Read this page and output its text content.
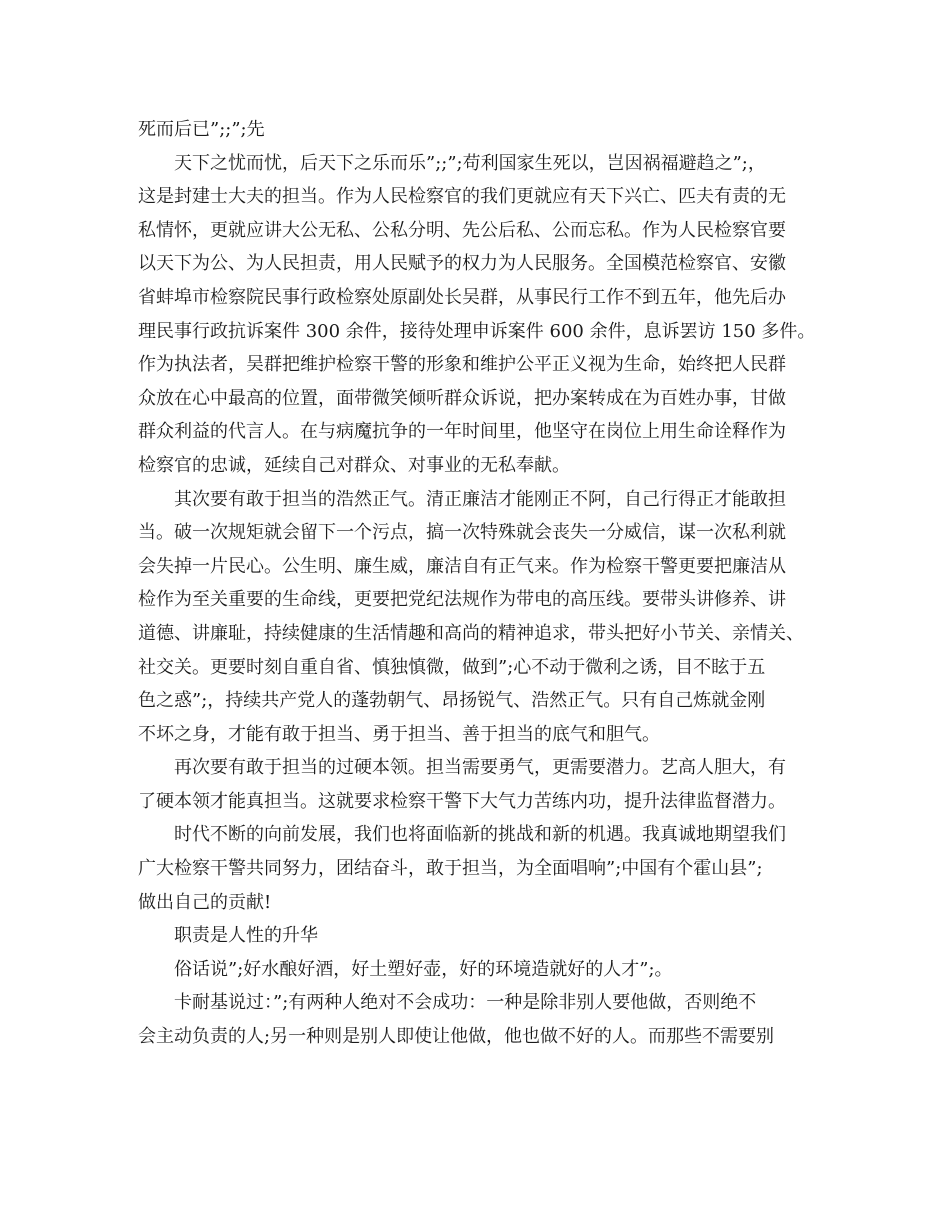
死而后已”;;”;先
天下之忧而忧，后天下之乐而乐”;;”;苟利国家生死以，岂因祸福避趋之”;，
这是封建士大夫的担当。作为人民检察官的我们更就应有天下兴亡、匹夫有责的无
私情怀，更就应讲大公无私、公私分明、先公后私、公而忘私。作为人民检察官要
以天下为公、为人民担责，用人民赋予的权力为人民服务。全国模范检察官、安徽
省蚌埠市检察院民事行政检察处原副处长吴群，从事民行工作不到五年，他先后办
理民事行政抗诉案件 300 余件，接待处理申诉案件 600 余件，息诉罢访 150 多件。
作为执法者，吴群把维护检察干警的形象和维护公平正义视为生命，始终把人民群
众放在心中最高的位置，面带微笑倾听群众诉说，把办案转成在为百姓办事，甘做
群众利益的代言人。在与病魔抗争的一年时间里，他坚守在岗位上用生命诠释作为
检察官的忠诚，延续自己对群众、对事业的无私奉献。
其次要有敢于担当的浩然正气。清正廉洁才能刚正不阿，自己行得正才能敢担
当。破一次规矩就会留下一个污点，搞一次特殊就会丧失一分威信，谋一次私利就
会失掉一片民心。公生明、廉生威，廉洁自有正气来。作为检察干警更要把廉洁从
检作为至关重要的生命线，更要把党纪法规作为带电的高压线。要带头讲修养、讲
道德、讲廉耻，持续健康的生活情趣和高尚的精神追求，带头把好小节关、亲情关、
社交关。更要时刻自重自省、慎独慎微，做到”;心不动于微利之诱，目不眩于五
色之惑”;，持续共产党人的蓬勃朝气、昂扬锐气、浩然正气。只有自己炼就金刚
不坏之身，才能有敢于担当、勇于担当、善于担当的底气和胆气。
再次要有敢于担当的过硬本领。担当需要勇气，更需要潜力。艺高人胆大，有
了硬本领才能真担当。这就要求检察干警下大气力苦练内功，提升法律监督潜力。
时代不断的向前发展，我们也将面临新的挑战和新的机遇。我真诚地期望我们
广大检察干警共同努力，团结奋斗，敢于担当，为全面唱响”;中国有个霍山县”;
做出自己的贡献!
职责是人性的升华
俗话说”;好水酿好酒，好土塑好壶，好的环境造就好的人才”;。
卡耐基说过：”;有两种人绝对不会成功：一种是除非别人要他做，否则绝不
会主动负责的人;另一种则是别人即使让他做，他也做不好的人。而那些不需要别
